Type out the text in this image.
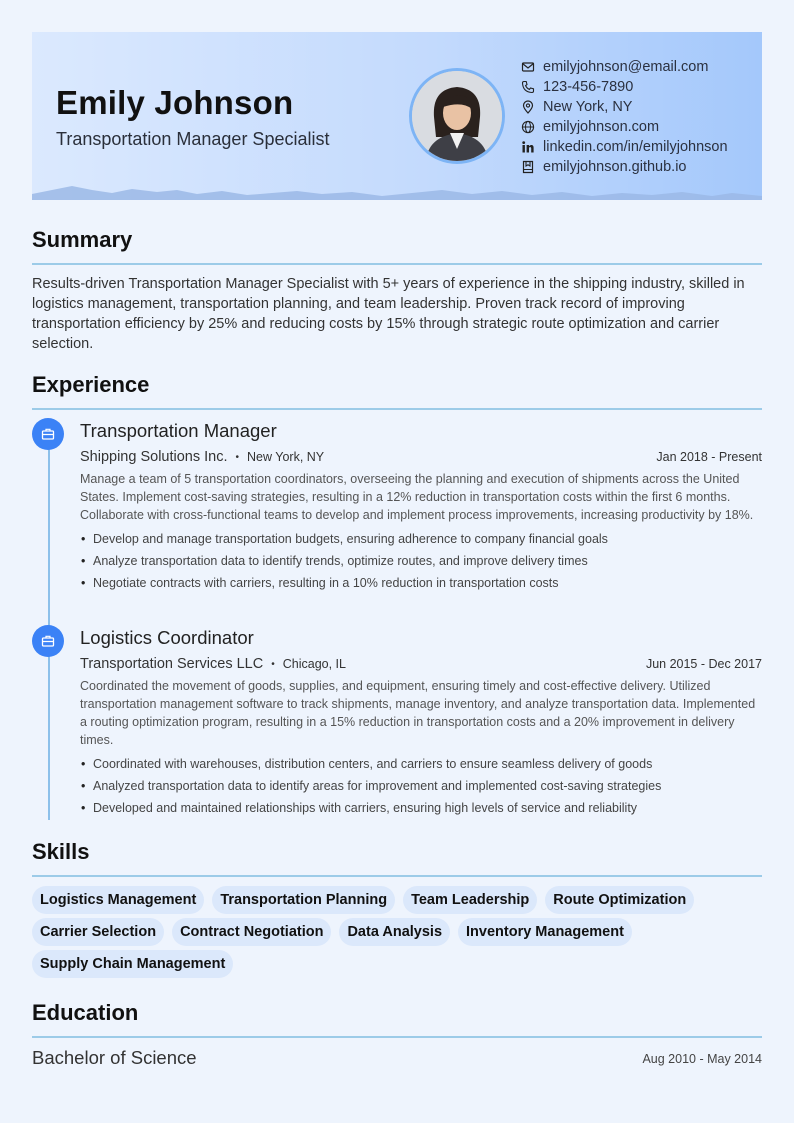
Emily Johnson
Transportation Manager Specialist
emilyjohnson@email.com
123-456-7890
New York, NY
emilyjohnson.com
linkedin.com/in/emilyjohnson
emilyjohnson.github.io
Summary
Results-driven Transportation Manager Specialist with 5+ years of experience in the shipping industry, skilled in logistics management, transportation planning, and team leadership. Proven track record of improving transportation efficiency by 25% and reducing costs by 15% through strategic route optimization and carrier selection.
Experience
Transportation Manager
Shipping Solutions Inc. • New York, NY	Jan 2018 - Present
Manage a team of 5 transportation coordinators, overseeing the planning and execution of shipments across the United States. Implement cost-saving strategies, resulting in a 12% reduction in transportation costs within the first 6 months. Collaborate with cross-functional teams to develop and implement process improvements, increasing productivity by 18%.
• Develop and manage transportation budgets, ensuring adherence to company financial goals
• Analyze transportation data to identify trends, optimize routes, and improve delivery times
• Negotiate contracts with carriers, resulting in a 10% reduction in transportation costs
Logistics Coordinator
Transportation Services LLC • Chicago, IL	Jun 2015 - Dec 2017
Coordinated the movement of goods, supplies, and equipment, ensuring timely and cost-effective delivery. Utilized transportation management software to track shipments, manage inventory, and analyze transportation data. Implemented a routing optimization program, resulting in a 15% reduction in transportation costs and a 20% improvement in delivery times.
• Coordinated with warehouses, distribution centers, and carriers to ensure seamless delivery of goods
• Analyzed transportation data to identify areas for improvement and implemented cost-saving strategies
• Developed and maintained relationships with carriers, ensuring high levels of service and reliability
Skills
Logistics Management	Transportation Planning	Team Leadership	Route Optimization
Carrier Selection	Contract Negotiation	Data Analysis	Inventory Management
Supply Chain Management
Education
Bachelor of Science	Aug 2010 - May 2014
